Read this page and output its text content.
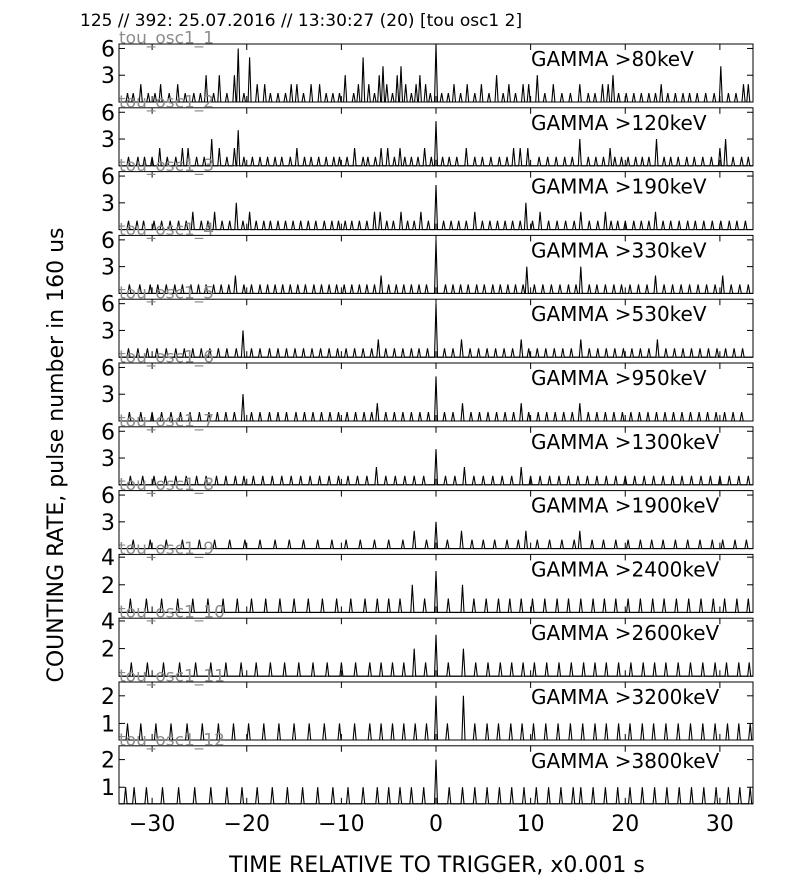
125 // 392: 25.07.2016 // 13:30:27 (20) [tou osc1 2]
COUNTING RATE, pulse number in 160 us
TIME RELATIVE TO TRIGGER, x0.001 s
3
6 tou_osc1_1
GAMMA >80keV
3
6 tou_osc1_2
GAMMA >120keV
3
6 tou_osc1_3
GAMMA >190keV
3
6 tou_osc1_4
GAMMA >330keV
3
6 tou_osc1_5
GAMMA >530keV
3
6 tou_osc1_6
GAMMA >950keV
3
6 tou_osc1_7
GAMMA >1300keV
3
6 tou_osc1_8
GAMMA >1900keV
2
4 tou_osc1_9
GAMMA >2400keV
2
4 tou_osc1_10
GAMMA >2600keV
1
2
tou_osc1_11
GAMMA >3200keV
1
2
tou_osc1_12
GAMMA >3800keV
−30 −20 −10	0	10	20	30
